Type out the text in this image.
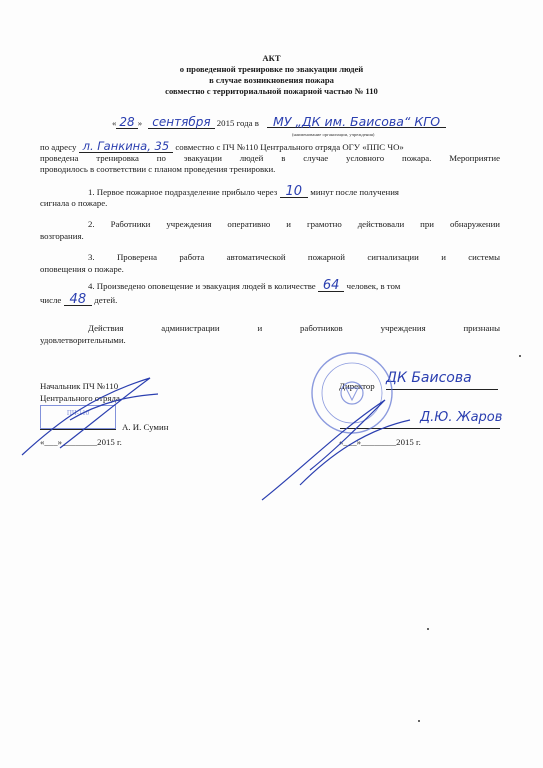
АКТ
о проведенной тренировке по эвакуации людей
в случае возникновения пожара
совместно с территориальной пожарной частью № 110
« 28 » сентября 2015 года в МУ „ДК им. Баисова“ КГО
(наименование организации, учреждения)
по адресу л. Ганкина, 35 совместно с ПЧ №110 Центрального отряда ОГУ «ППС ЧО»
проведена тренировка по эвакуации людей в случае условного пожара. Мероприятие
проводилось в соответствии с планом проведения тренировки.
1. Первое пожарное подразделение прибыло через 10 минут после получения
сигнала о пожаре.
2. Работники учреждения оперативно и грамотно действовали при обнаружении
возгорания.
3. Проверена работа автоматической пожарной сигнализации и системы
оповещения о пожаре.
4. Произведено оповещение и эвакуация людей в количестве 64 человек, в том
числе 48 детей.
Действия администрации и работников учреждения признаны
удовлетворительными.
Начальник ПЧ №110
Центрального отряда
А. И. Сумин
«___»________2015 г.
ПЧ-110
Директор ДК Баисова
Д.Ю. Жаров
«___»________2015 г.
